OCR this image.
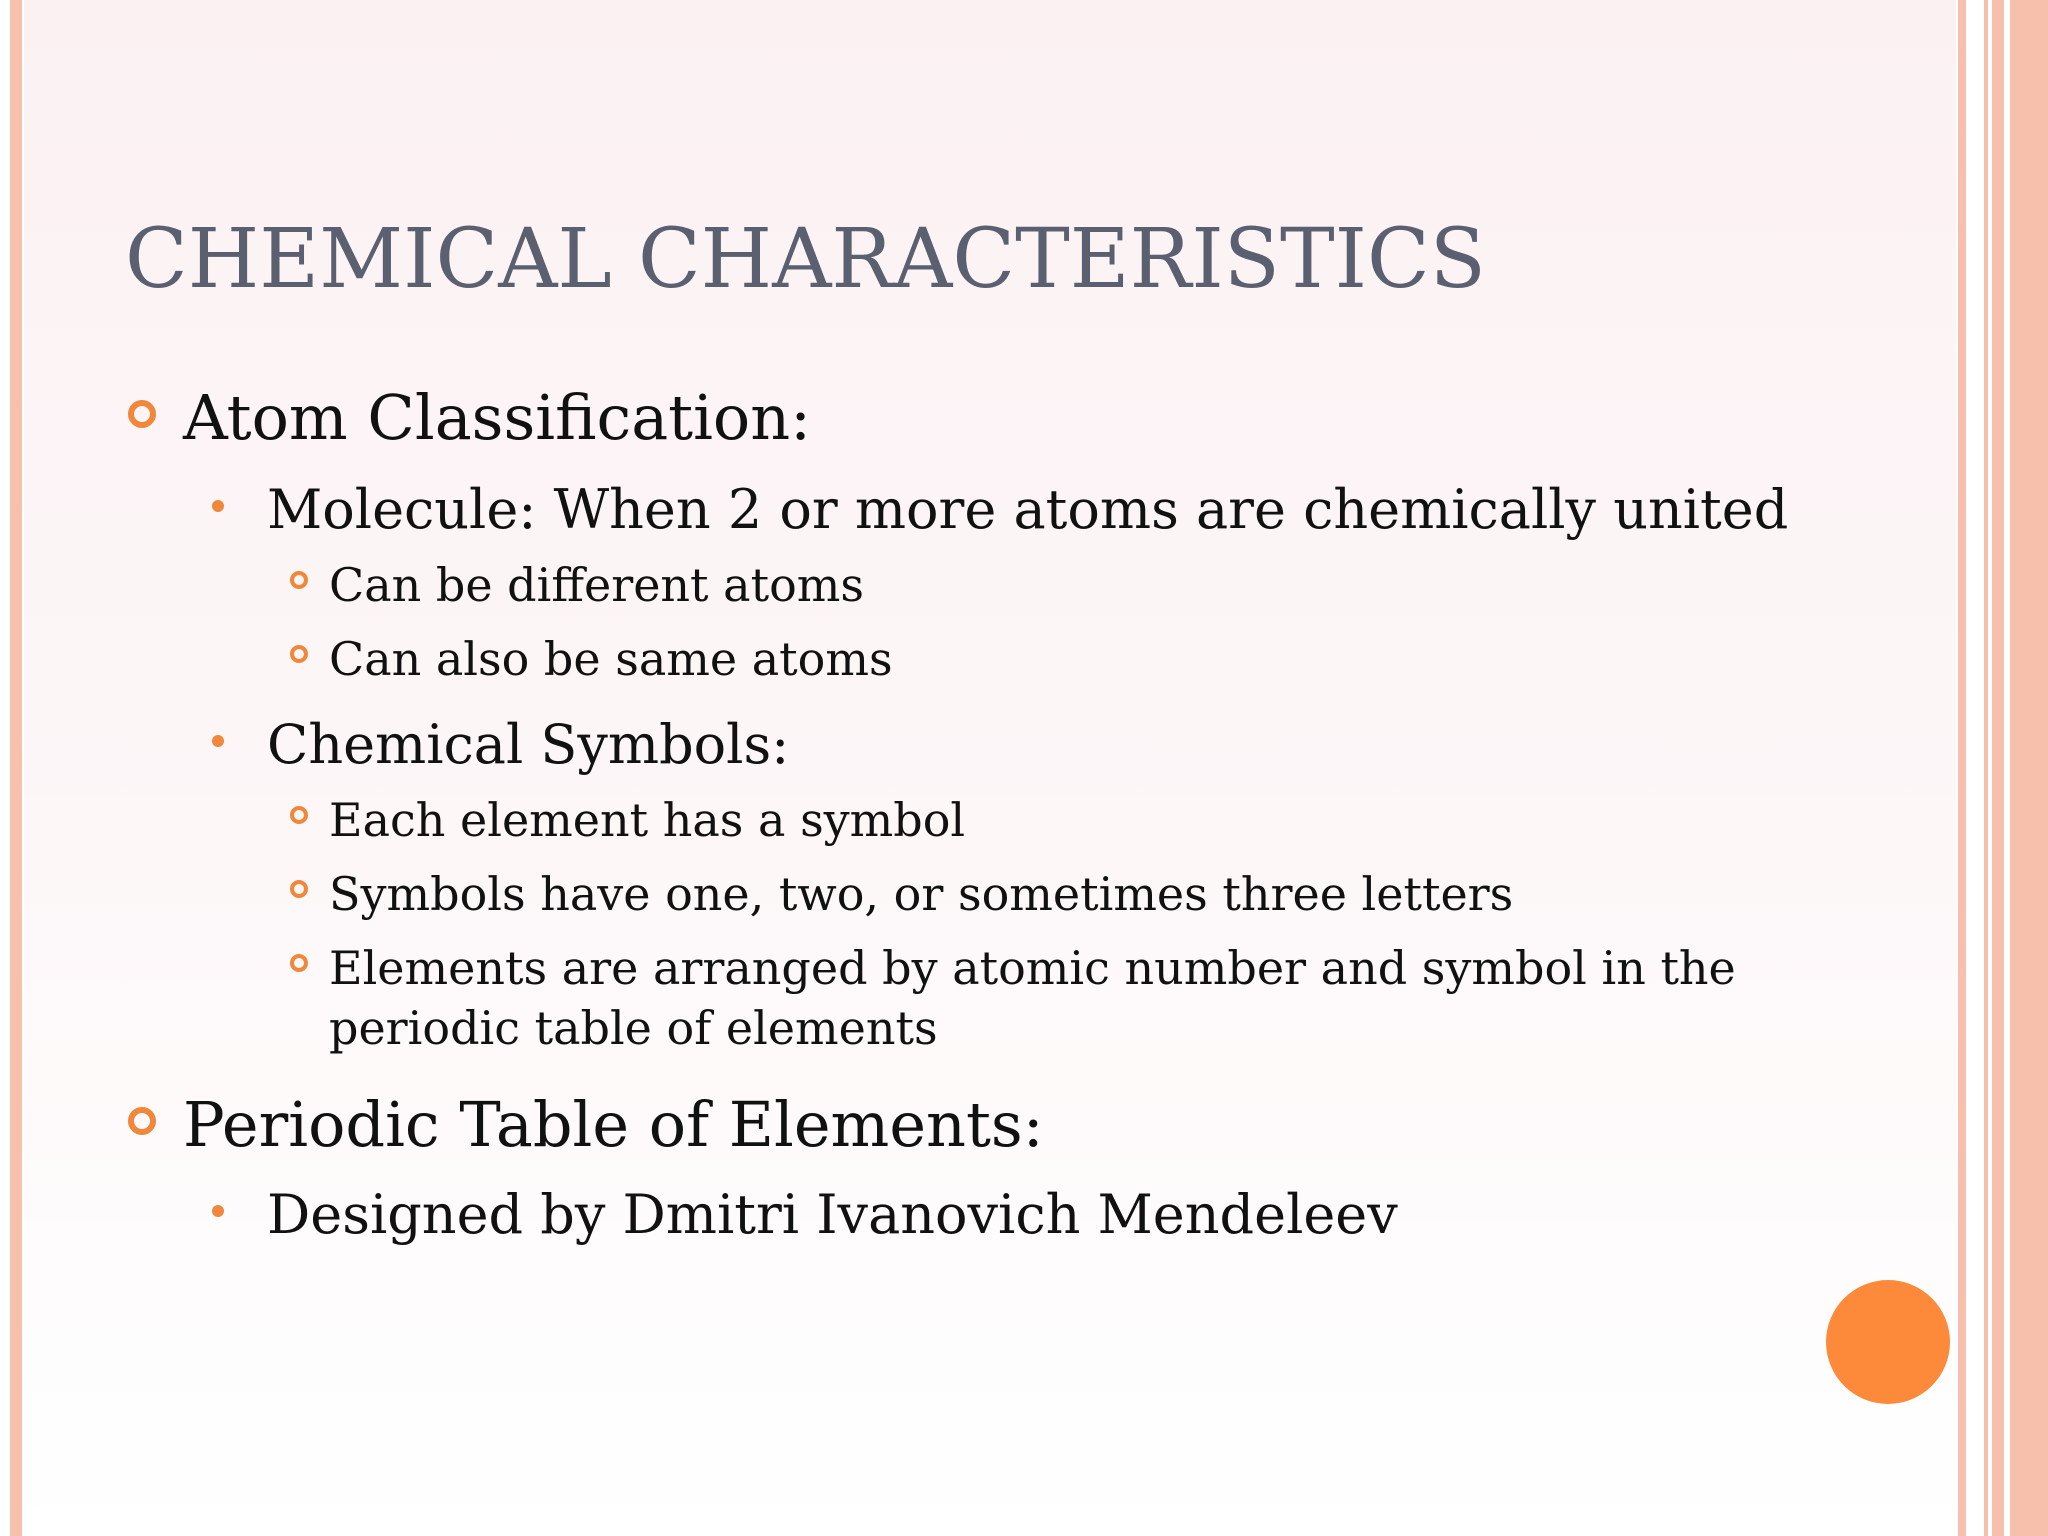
CHEMICAL CHARACTERISTICS

Atom Classification:

Molecule: When 2 or more atoms are chemically united

Can be different atoms

Can also be same atoms

Chemical Symbols:

Each element has a symbol

Symbols have one, two, or sometimes three letters

Elements are arranged by atomic number and symbol in the

periodic table of elements

Periodic Table of Elements:

Designed by Dmitri Ivanovich Mendeleev
